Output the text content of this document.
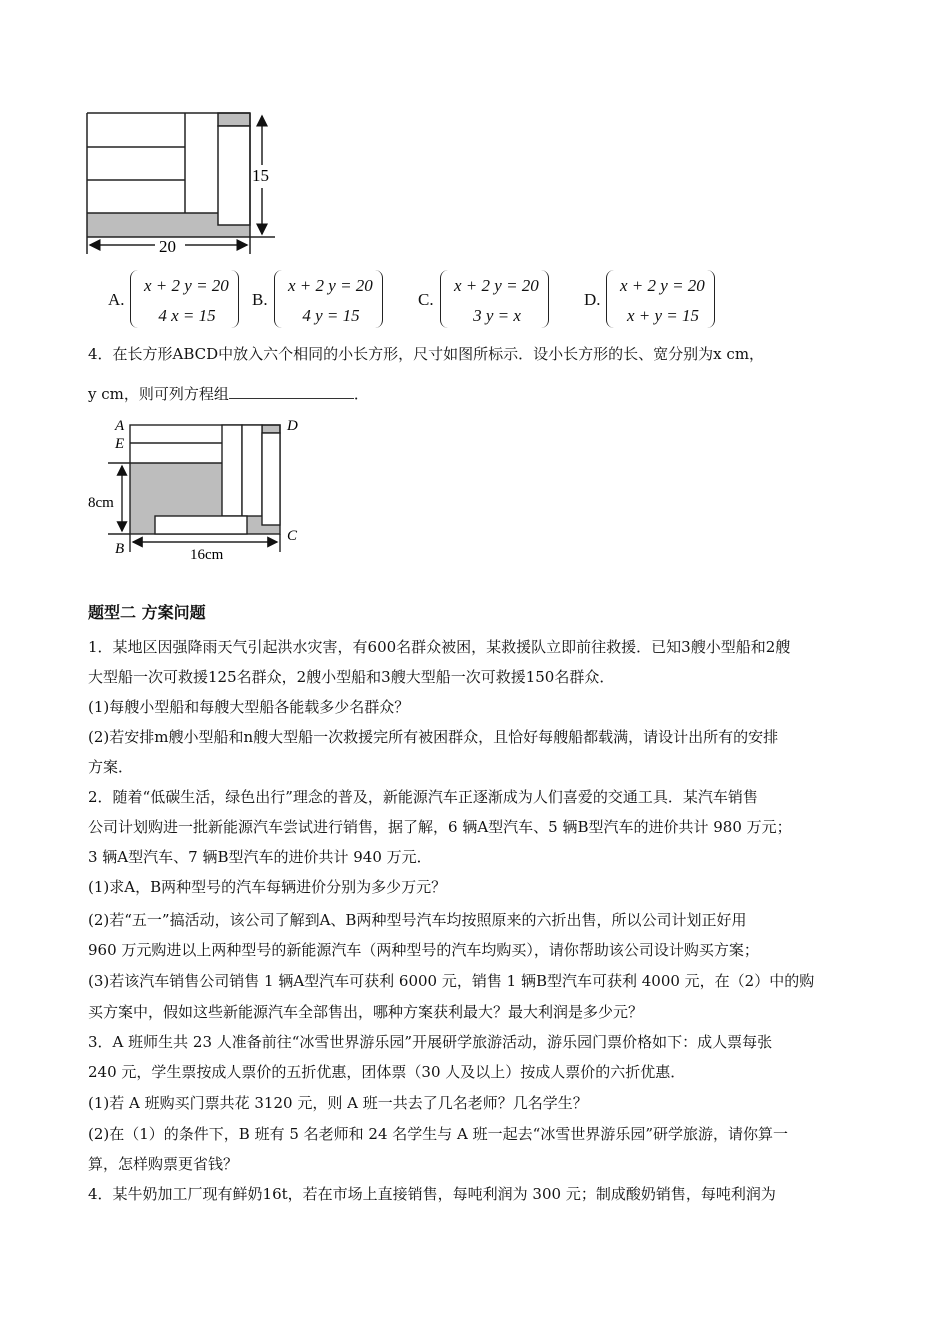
15
20
A.
x + 2 y = 20
4 x = 15
B.
x + 2 y = 20
4 y = 15
C.
x + 2 y = 20
3 y = x
D.
x + 2 y = 20
x + y = 15
4．在长方形ABCD中放入六个相同的小长方形，尺寸如图所标示．设小长方形的长、宽分别为x cm，
y cm，则可列方程组	．
A
E
D
C
B
8cm
16cm
题型二 方案问题
1．某地区因强降雨天气引起洪水灾害，有600名群众被困，某救援队立即前往救援．已知3艘小型船和2艘
大型船一次可救援125名群众，2艘小型船和3艘大型船一次可救援150名群众．
(1)每艘小型船和每艘大型船各能载多少名群众？
(2)若安排m艘小型船和n艘大型船一次救援完所有被困群众，且恰好每艘船都载满，请设计出所有的安排
方案．
2．随着“低碳生活，绿色出行”理念的普及，新能源汽车正逐渐成为人们喜爱的交通工具．某汽车销售
公司计划购进一批新能源汽车尝试进行销售，据了解，6 辆A型汽车、5 辆B型汽车的进价共计 980 万元；
3 辆A型汽车、7 辆B型汽车的进价共计 940 万元．
(1)求A，B两种型号的汽车每辆进价分别为多少万元？
(2)若“五一”搞活动，该公司了解到A、B两种型号汽车均按照原来的六折出售，所以公司计划正好用
960 万元购进以上两种型号的新能源汽车（两种型号的汽车均购买），请你帮助该公司设计购买方案；
(3)若该汽车销售公司销售 1 辆A型汽车可获利 6000 元，销售 1 辆B型汽车可获利 4000 元，在（2）中的购
买方案中，假如这些新能源汽车全部售出，哪种方案获利最大？最大利润是多少元？
3．A 班师生共 23 人准备前往“冰雪世界游乐园”开展研学旅游活动，游乐园门票价格如下：成人票每张
240 元，学生票按成人票价的五折优惠，团体票（30 人及以上）按成人票价的六折优惠．
(1)若 A 班购买门票共花 3120 元，则 A 班一共去了几名老师？几名学生？
(2)在（1）的条件下，B 班有 5 名老师和 24 名学生与 A 班一起去“冰雪世界游乐园”研学旅游，请你算一
算，怎样购票更省钱？
4．某牛奶加工厂现有鲜奶16t，若在市场上直接销售，每吨利润为 300 元；制成酸奶销售，每吨利润为
